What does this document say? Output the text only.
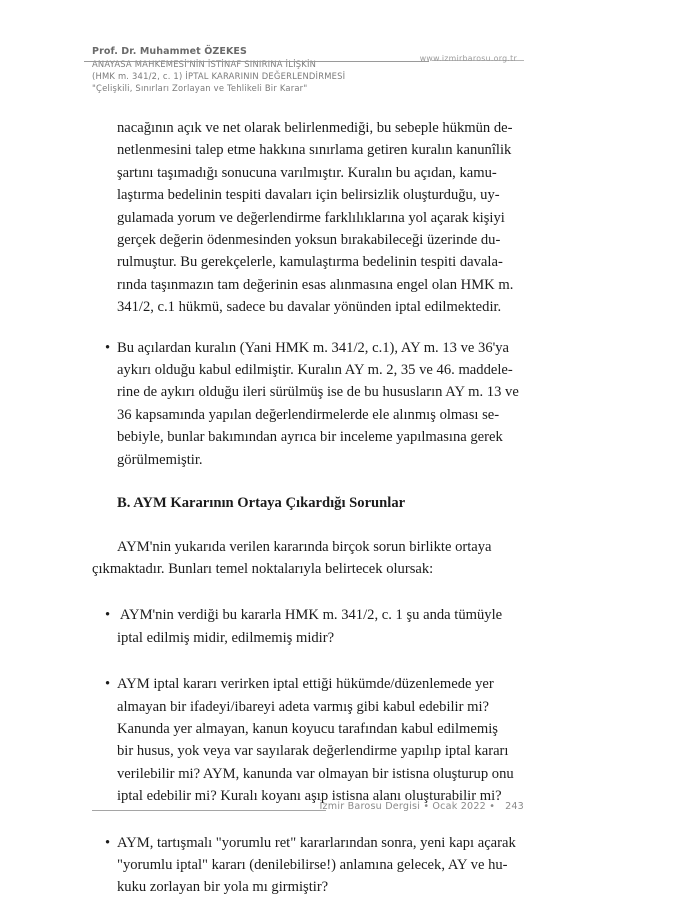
Prof. Dr. Muhammet ÖZEKES
ANAYASA MAHKEMESİ'NİN İSTİNAF SINIRINA İLİŞKİN
(HMK m. 341/2, c. 1) İPTAL KARARININ DEĞERLENDİRMESİ
"Çelişkili, Sınırları Zorlayan ve Tehlikeli Bir Karar"
www.izmirbarosu.org.tr
nacağının açık ve net olarak belirlenmediği, bu sebeple hükmün de-
netlenmesini talep etme hakkına sınırlama getiren kuralın kanunîlik
şartını taşımadığı sonucuna varılmıştır. Kuralın bu açıdan, kamu-
laştırma bedelinin tespiti davaları için belirsizlik oluşturduğu, uy-
gulamada yorum ve değerlendirme farklılıklarına yol açarak kişiyi
gerçek değerin ödenmesinden yoksun bırakabileceği üzerinde du-
rulmuştur. Bu gerekçelerle, kamulaştırma bedelinin tespiti davala-
rında taşınmazın tam değerinin esas alınmasına engel olan HMK m.
341/2, c.1 hükmü, sadece bu davalar yönünden iptal edilmektedir.
• Bu açılardan kuralın (Yani HMK m. 341/2, c.1), AY m. 13 ve 36'ya
aykırı olduğu kabul edilmiştir. Kuralın AY m. 2, 35 ve 46. maddele-
rine de aykırı olduğu ileri sürülmüş ise de bu hususların AY m. 13 ve
36 kapsamında yapılan değerlendirmelerde ele alınmış olması se-
bebiyle, bunlar bakımından ayrıca bir inceleme yapılmasına gerek
görülmemiştir.
B. AYM Kararının Ortaya Çıkardığı Sorunlar
AYM'nin yukarıda verilen kararında birçok sorun birlikte ortaya
çıkmaktadır. Bunları temel noktalarıyla belirtecek olursak:
• AYM'nin verdiği bu kararla HMK m. 341/2, c. 1 şu anda tümüyle
iptal edilmiş midir, edilmemiş midir?
• AYM iptal kararı verirken iptal ettiği hükümde/düzenlemede yer
almayan bir ifadeyi/ibareyi adeta varmış gibi kabul edebilir mi?
Kanunda yer almayan, kanun koyucu tarafından kabul edilmemiş
bir husus, yok veya var sayılarak değerlendirme yapılıp iptal kararı
verilebilir mi? AYM, kanunda var olmayan bir istisna oluşturup onu
iptal edebilir mi? Kuralı koyanı aşıp istisna alanı oluşturabilir mi?
• AYM, tartışmalı "yorumlu ret" kararlarından sonra, yeni kapı açarak
"yorumlu iptal" kararı (denilebilirse!) anlamına gelecek, AY ve hu-
kuku zorlayan bir yola mı girmiştir?
İzmir Barosu Dergisi • Ocak 2022 • 243
